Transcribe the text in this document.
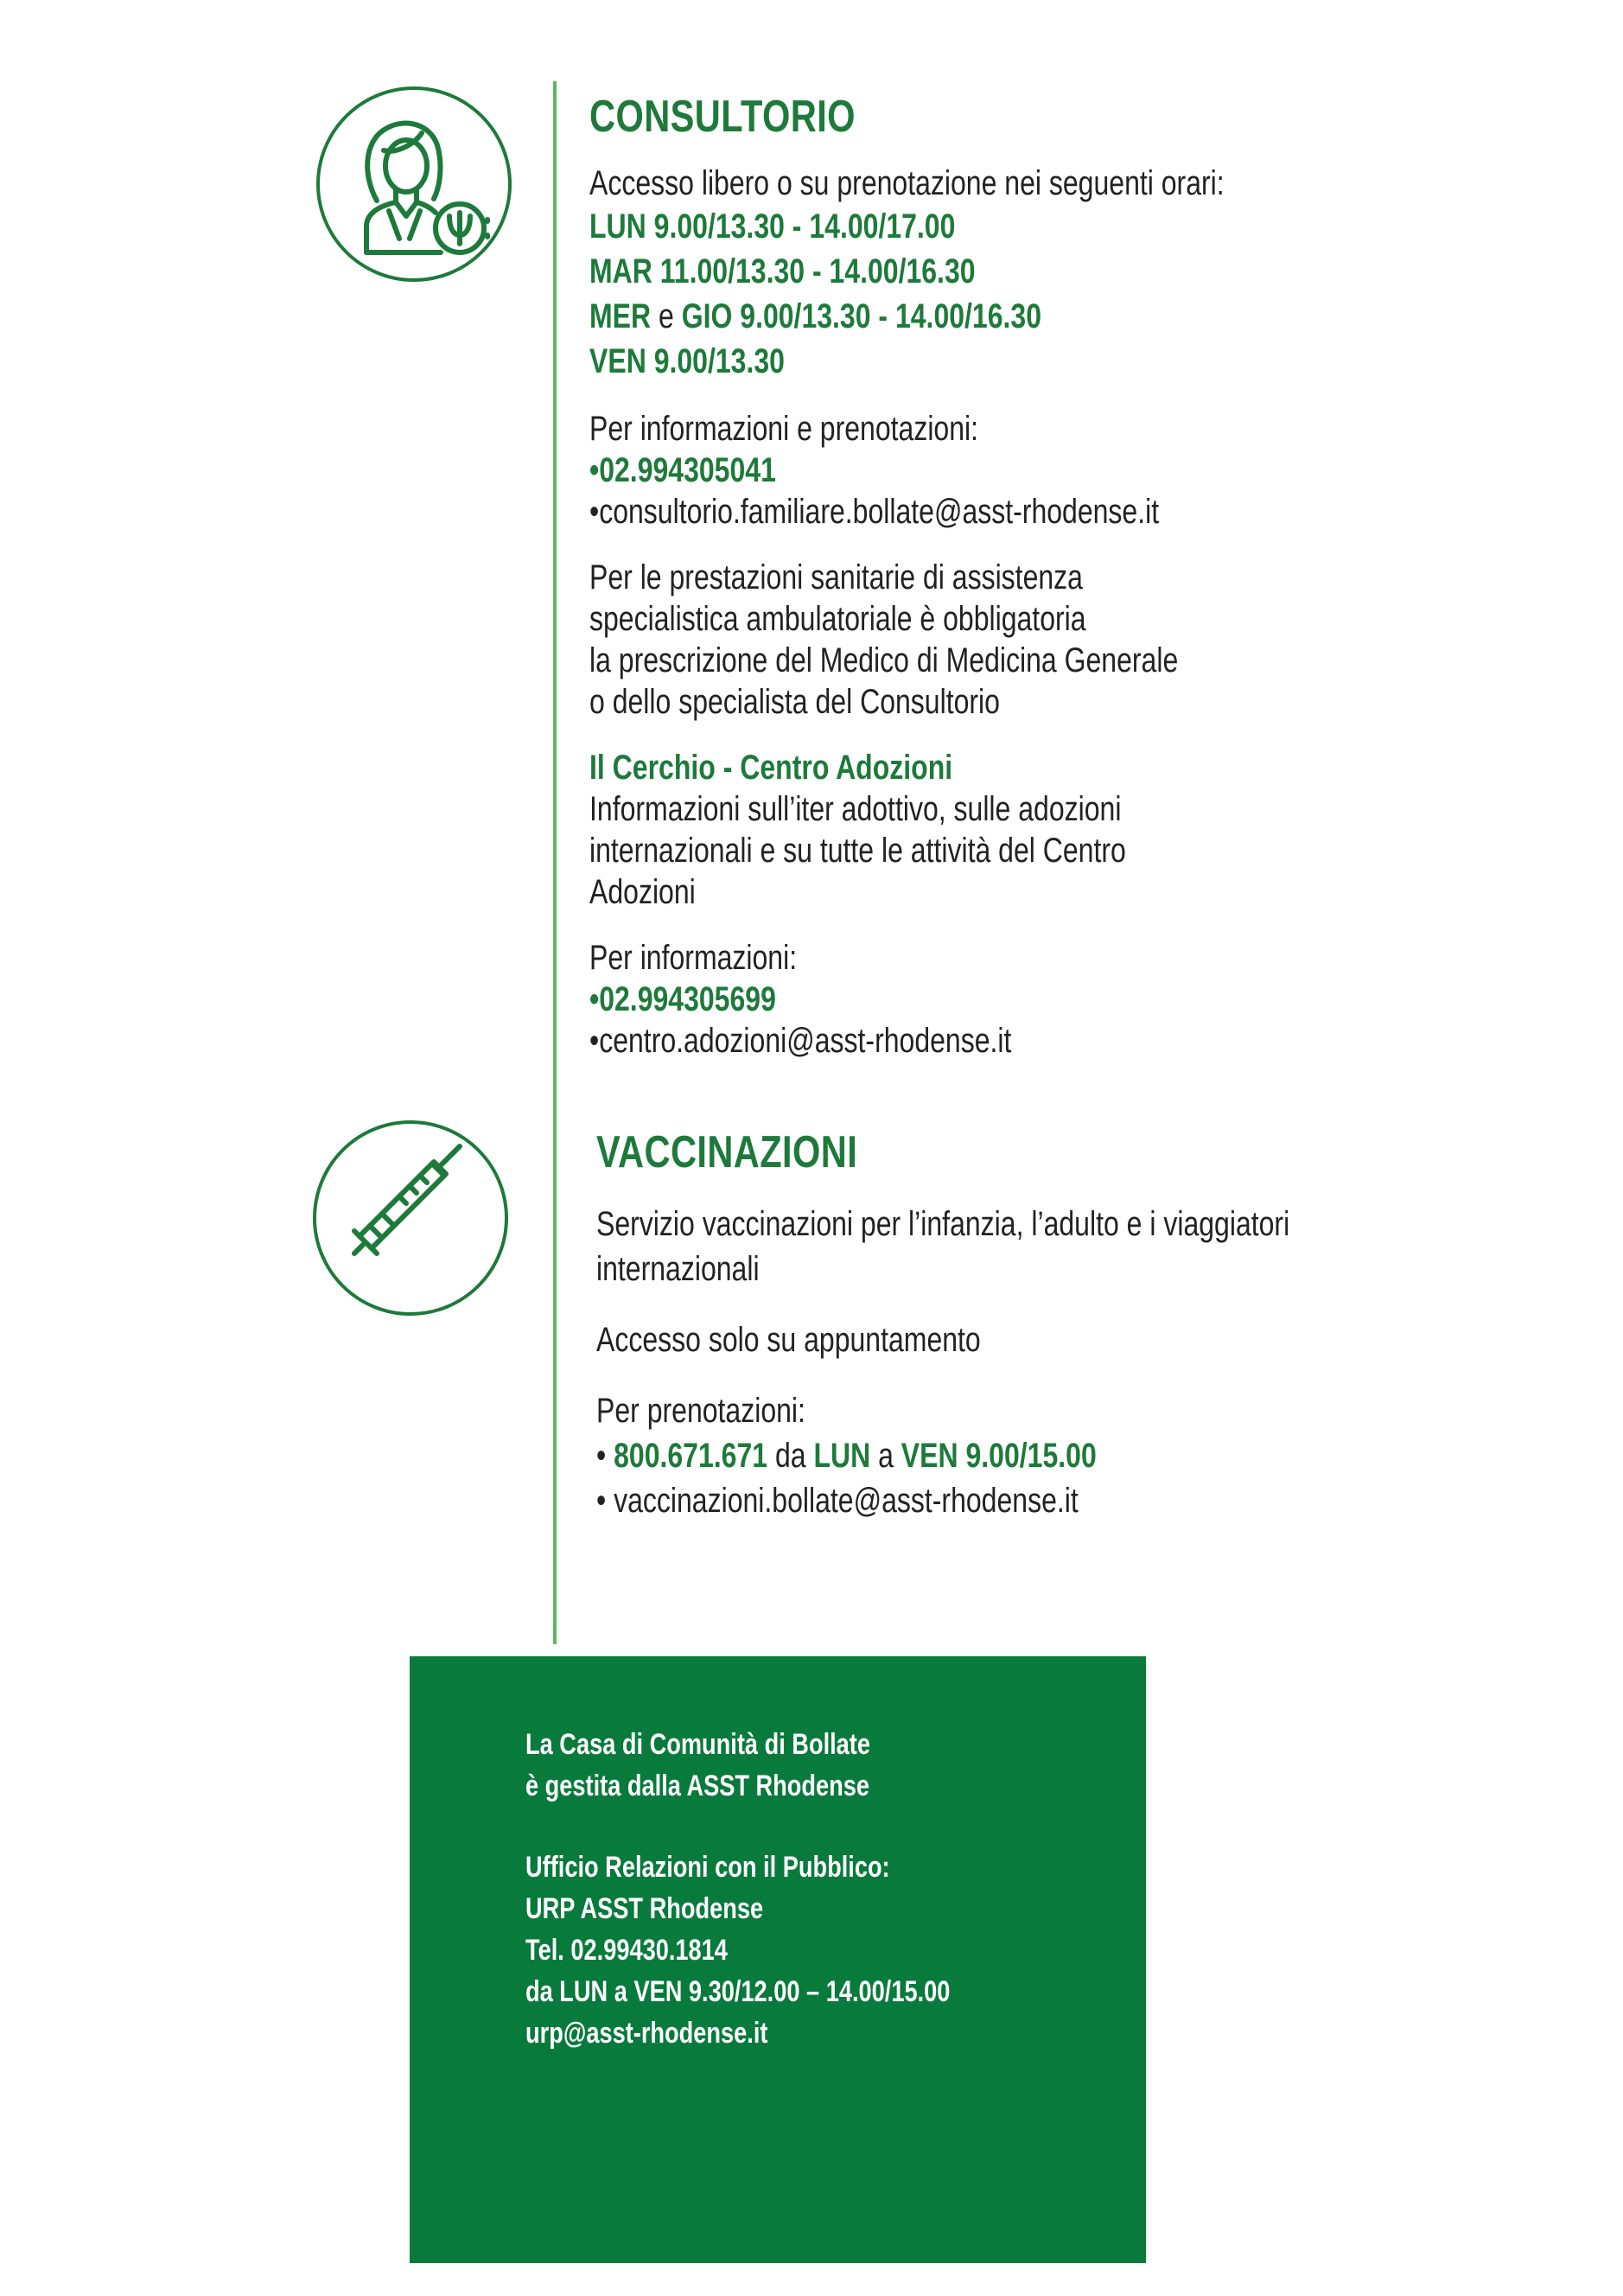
CONSULTORIO
Accesso libero o su prenotazione nei seguenti orari:
LUN 9.00/13.30 - 14.00/17.00
MAR 11.00/13.30 - 14.00/16.30
MER e GIO 9.00/13.30 - 14.00/16.30
VEN 9.00/13.30
Per informazioni e prenotazioni:
•02.994305041
•consultorio.familiare.bollate@asst-rhodense.it
Per le prestazioni sanitarie di assistenza
specialistica ambulatoriale è obbligatoria
la prescrizione del Medico di Medicina Generale
o dello specialista del Consultorio
Il Cerchio - Centro Adozioni
Informazioni sull’iter adottivo, sulle adozioni
internazionali e su tutte le attività del Centro
Adozioni
Per informazioni:
•02.994305699
•centro.adozioni@asst-rhodense.it
VACCINAZIONI
Servizio vaccinazioni per l’infanzia, l’adulto e i viaggiatori
internazionali
Accesso solo su appuntamento
Per prenotazioni:
• 800.671.671 da LUN a VEN 9.00/15.00
• vaccinazioni.bollate@asst-rhodense.it
La Casa di Comunità di Bollate
è gestita dalla ASST Rhodense
Ufficio Relazioni con il Pubblico:
URP ASST Rhodense
Tel. 02.99430.1814
da LUN a VEN 9.30/12.00 – 14.00/15.00
urp@asst-rhodense.it
